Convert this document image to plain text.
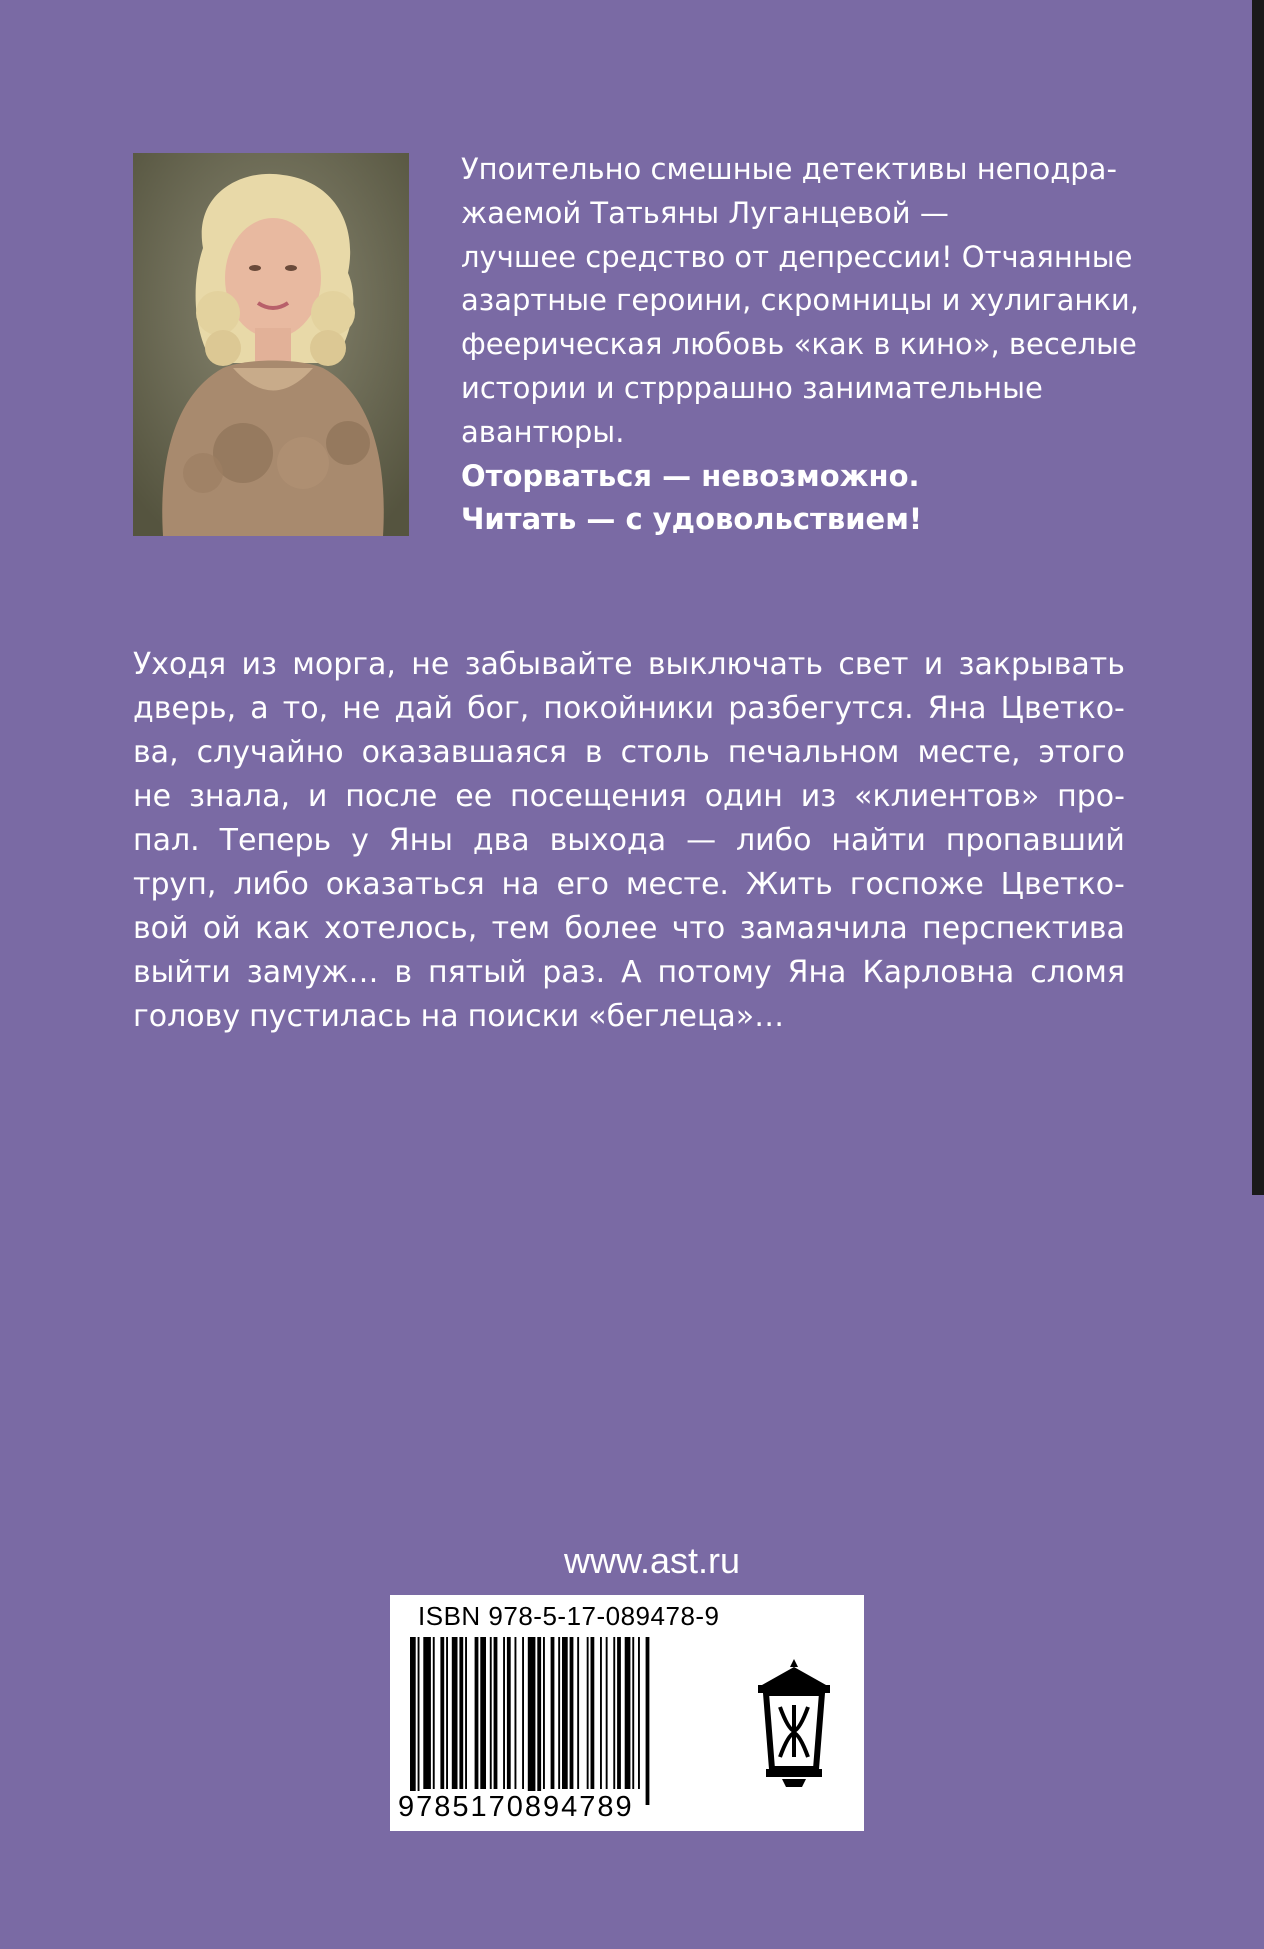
Упоительно смешные детективы неподра-
жаемой Татьяны Луганцевой —
лучшее средство от депрессии! Отчаянные
азартные героини, скромницы и хулиганки,
феерическая любовь «как в кино», веселые
истории и стрррашно занимательные
авантюры.
Оторваться — невозможно.
Читать — с удовольствием!
Уходя из морга, не забывайте выключать свет и закрывать
дверь, а то, не дай бог, покойники разбегутся. Яна Цветко-
ва, случайно оказавшаяся в столь печальном месте, этого
не знала, и после ее посещения один из «клиентов» про-
пал. Теперь у Яны два выхода — либо найти пропавший
труп, либо оказаться на его месте. Жить госпоже Цветко-
вой ой как хотелось, тем более что замаячила перспектива
выйти замуж… в пятый раз. А потому Яна Карловна сломя
голову пустилась на поиски «беглеца»…
www.ast.ru
ISBN 978-5-17-089478-9
9785170894789
